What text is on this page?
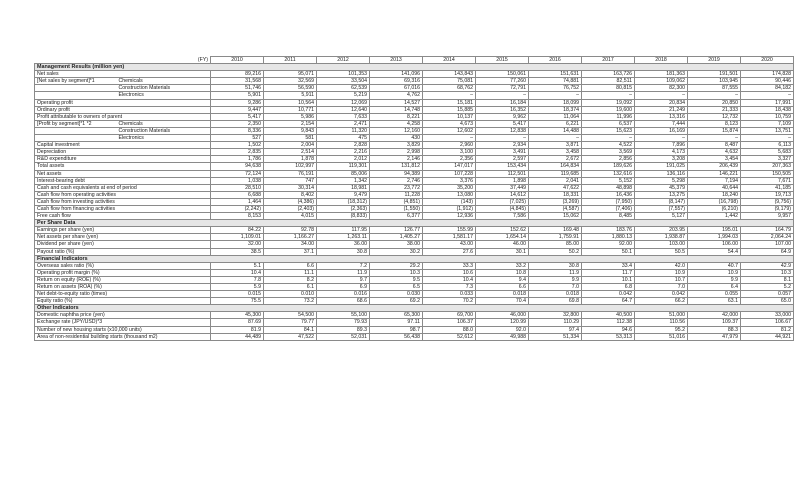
(FY)		2010	2011	2012	2013	2014	2015	2016	2017	2018	2019	2020
Management Results (million yen)												
Net sales		89,216	95,071	101,353	141,096	143,843	150,061	151,631	163,726	181,363	191,501	174,828
[Net sales by segment]*1	Chemicals	31,568	32,569	33,504	69,316	75,081	77,260	74,881	82,511	109,062	103,945	90,446
	Construction Materials	51,746	56,590	62,539	67,016	68,762	72,791	76,752	80,815	82,300	87,555	84,182
	Electronics	5,901	5,911	5,219	4,762	–	–	–	–	–	–	–
Operating profit		9,286	10,564	12,069	14,527	15,181	16,184	18,099	19,092	20,834	20,850	17,991
Ordinary profit		9,447	10,771	12,640	14,748	15,885	16,352	18,374	19,600	21,249	21,333	18,438
Profit attributable to owners of parent		5,417	5,986	7,633	8,221	10,137	9,962	11,064	11,996	13,316	12,732	10,759
[Profit by segment]*1 *2	Chemicals	2,350	2,154	2,471	4,258	4,673	5,417	6,221	6,537	7,444	8,123	7,109
	Construction Materials	8,336	9,843	11,320	12,160	12,602	12,838	14,488	15,623	16,169	15,874	13,751
	Electronics	527	581	475	430	–	–	–	–	–	–	–
Capital investment		1,502	2,004	2,828	3,829	2,960	2,934	3,871	4,522	7,896	8,487	6,113
Depreciation		2,835	2,514	2,216	2,998	3,100	3,491	3,458	3,569	4,173	4,632	5,683
R&D expenditure		1,786	1,878	2,012	2,146	2,356	2,597	2,672	2,856	3,208	3,454	3,327
Total assets		94,638	102,997	119,301	131,812	147,017	153,434	164,834	189,626	191,025	206,439	207,363
Net assets		72,124	76,191	85,006	94,389	107,228	112,501	119,685	132,616	136,116	146,221	150,505
Interest-bearing debt		1,038	747	1,342	2,746	3,376	1,898	2,041	5,152	5,298	7,194	7,671
Cash and cash equivalents at end of period		28,510	30,314	18,981	23,772	35,200	37,449	47,622	48,898	45,379	40,644	41,185
Cash flow from operating activities		6,688	8,402	9,479	11,228	13,080	14,612	18,331	16,436	13,275	18,240	19,713
Cash flow from investing activities		1,464	(4,386)	(18,312)	(4,851)	(143)	(7,025)	(3,269)	(7,950)	(8,147)	(16,798)	(9,756)
Cash flow from financing activities		(2,242)	(2,403)	(2,363)	(1,550)	(1,912)	(4,845)	(4,587)	(7,406)	(7,557)	(6,210)	(9,179)
Free cash flow		8,153	4,015	(8,833)	6,377	12,936	7,586	15,062	8,485	5,127	1,442	9,957
Per Share Data												
Earnings per share (yen)		84.22	92.78	117.95	126.77	155.99	152.62	169.48	183.76	203.95	195.01	164.79
Net assets per share (yen)		1,109.01	1,166.27	1,263.11	1,405.27	1,581.17	1,654.14	1,759.91	1,880.13	1,938.87	1,994.03	2,064.24
Dividend per share (yen)		32.00	34.00	36.00	38.00	43.00	46.00	85.00	92.00	103.00	106.00	107.00
Payout ratio (%)		38.5	37.1	30.8	30.2	27.6	30.1	50.2	50.1	50.5	54.4	64.9
Financial Indicators												
Overseas sales ratio (%)		5.1	6.6	7.2	29.2	33.3	33.2	30.8	33.4	42.0	40.7	42.9
Operating profit margin (%)		10.4	11.1	11.9	10.3	10.6	10.8	11.9	11.7	10.9	10.9	10.3
Return on equity (ROE) (%)		7.8	8.2	9.7	9.5	10.4	9.4	9.9	10.1	10.7	9.9	8.1
Return on assets (ROA) (%)		5.9	6.1	6.9	6.5	7.3	6.6	7.0	6.8	7.0	6.4	5.2
Net debt-to-equity ratio (times)		0.015	0.010	0.016	0.030	0.033	0.018	0.018	0.042	0.042	0.055	0.057
Equity ratio (%)		75.5	73.2	68.6	69.2	70.2	70.4	69.8	64.7	66.2	63.1	65.0
Other Indicators												
Domestic naphtha price (yen)		45,300	54,500	55,100	65,300	69,700	46,000	32,800	40,500	51,000	42,000	33,000
Exchange rate (JPY/USD)*3		87.69	79.77	79.93	97.11	106.37	120.99	110.29	112.38	110.56	109.37	106.67
Number of new housing starts (x10,000 units)		81.9	84.1	89.3	98.7	88.0	92.0	97.4	94.6	95.2	88.3	81.2
Area of non-residential building starts (thousand m2)		44,489	47,522	52,031	56,438	52,612	49,988	51,334	53,313	51,016	47,979	44,921
